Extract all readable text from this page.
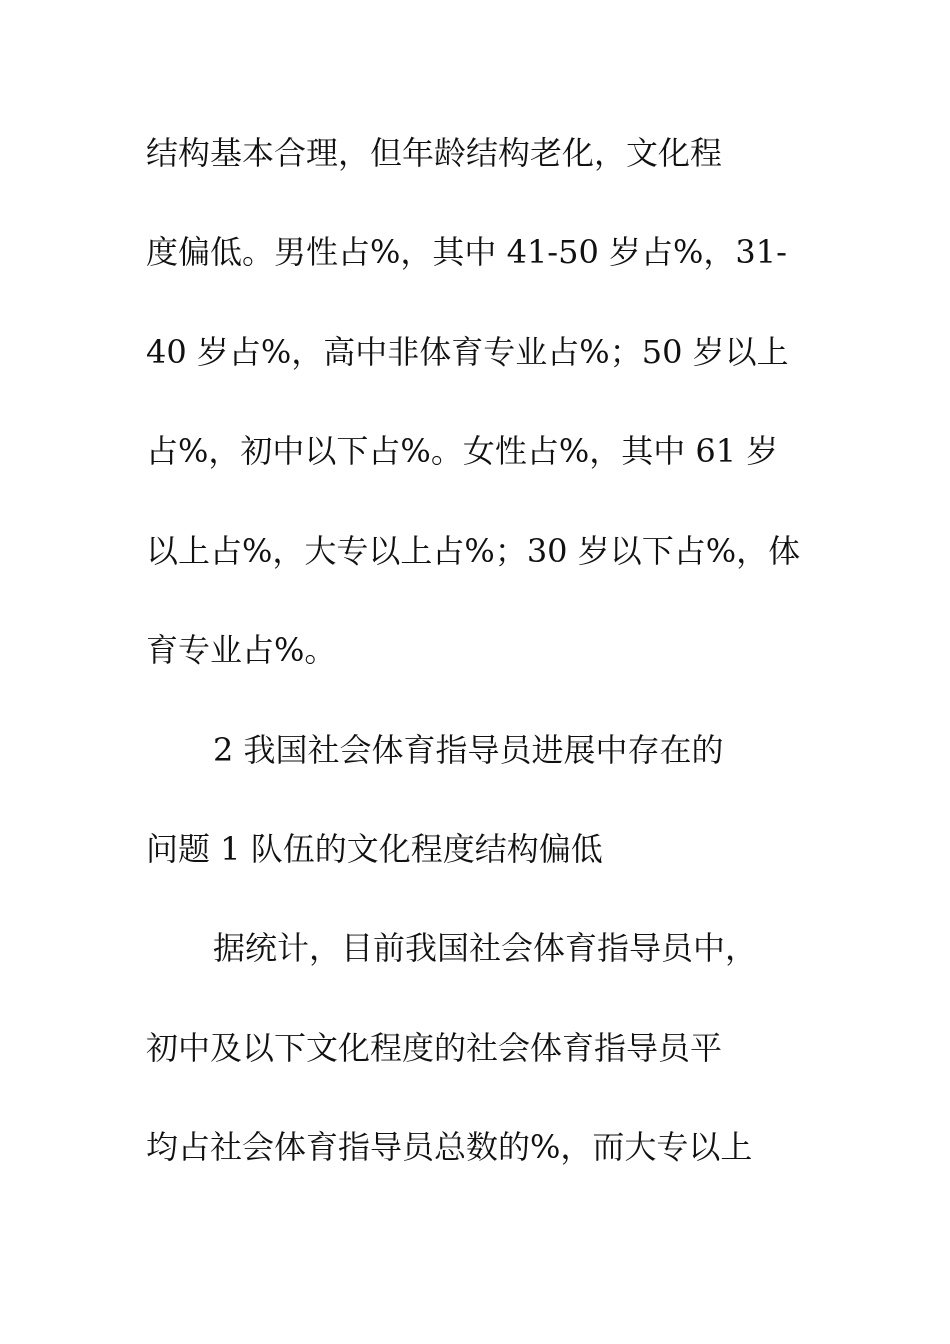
结构基本合理，但年龄结构老化，文化程
度偏低。男性占%，其中 41-50 岁占%，31-
40 岁占%，高中非体育专业占%；50 岁以上
占%，初中以下占%。女性占%，其中 61 岁
以上占%，大专以上占%；30 岁以下占%，体
育专业占%。
2 我国社会体育指导员进展中存在的
问题 1 队伍的文化程度结构偏低
据统计，目前我国社会体育指导员中，
初中及以下文化程度的社会体育指导员平
均占社会体育指导员总数的%，而大专以上
